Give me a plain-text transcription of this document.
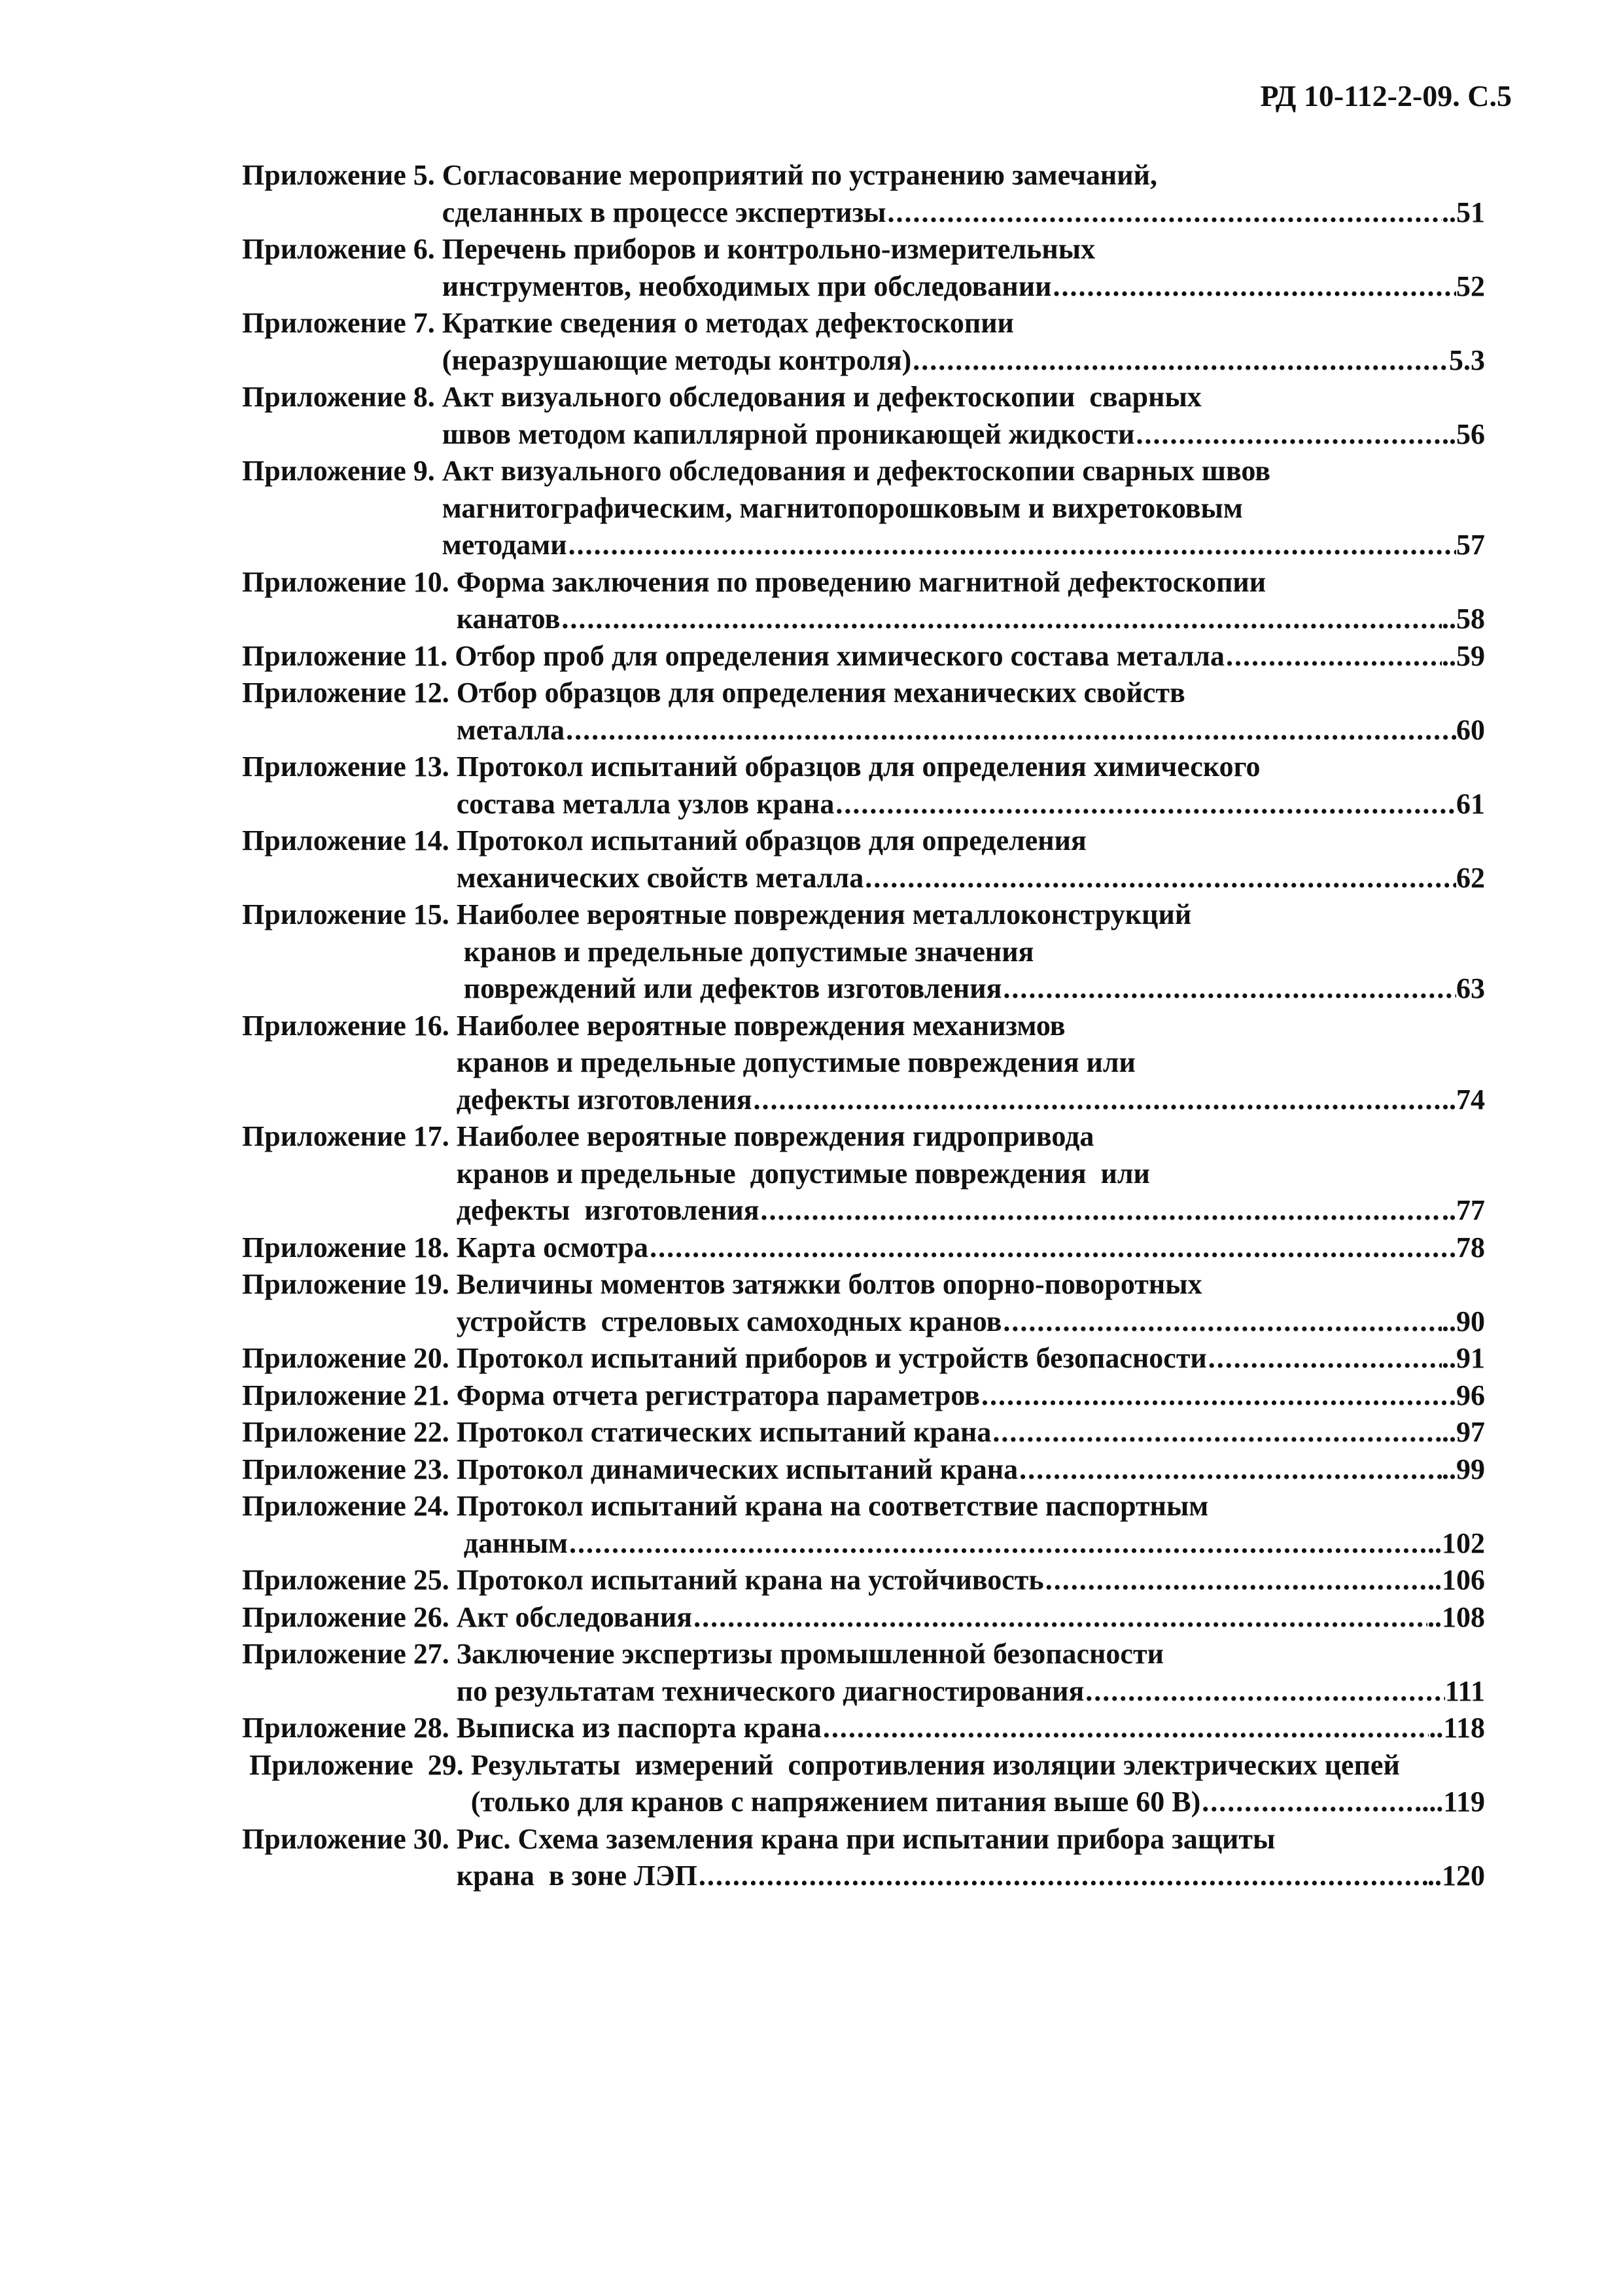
РД 10-112-2-09. С.5
Приложение 5. Согласование мероприятий по устранению замечаний,
сделанных в процессе экспертизы .....	..51
Приложение 6. Перечень приборов и контрольно-измерительных
инструментов, необходимых при обследовании .....	52
Приложение 7. Краткие сведения о методах дефектоскопии
(неразрушающие методы контроля) .....	5.3
Приложение 8. Акт визуального обследования и дефектоскопии  сварных
швов методом капиллярной проникающей жидкости .....	..56
Приложение 9. Акт визуального обследования и дефектоскопии сварных швов
магнитографическим, магнитопорошковым и вихретоковым
методами .....	57
Приложение 10. Форма заключения по проведению магнитной дефектоскопии
канатов .....	..58
Приложение 11. Отбор проб для определения химического состава металла .....	..59
Приложение 12. Отбор образцов для определения механических свойств
металла .....	60
Приложение 13. Протокол испытаний образцов для определения химического
состава металла узлов крана .....	61
Приложение 14. Протокол испытаний образцов для определения
механических свойств металла .....	62
Приложение 15. Наиболее вероятные повреждения металлоконструкций
кранов и предельные допустимые значения
повреждений или дефектов изготовления .....	63
Приложение 16. Наиболее вероятные повреждения механизмов
кранов и предельные допустимые повреждения или
дефекты изготовления .....	..74
Приложение 17. Наиболее вероятные повреждения гидропривода
кранов и предельные  допустимые повреждения  или
дефекты  изготовления .....	..77
Приложение 18. Карта осмотра .....	78
Приложение 19. Величины моментов затяжки болтов опорно-поворотных
устройств  стреловых самоходных кранов .....	..90
Приложение 20. Протокол испытаний приборов и устройств безопасности .....	..91
Приложение 21. Форма отчета регистратора параметров .....	96
Приложение 22. Протокол статических испытаний крана .....	..97
Приложение 23. Протокол динамических испытаний крана .....	..99
Приложение 24. Протокол испытаний крана на соответствие паспортным
данным .....	..102
Приложение 25. Протокол испытаний крана на устойчивость .....	..106
Приложение 26. Акт обследования .....	..108
Приложение 27. Заключение экспертизы промышленной безопасности
по результатам технического диагностирования .....	111
Приложение 28. Выписка из паспорта крана .....	..118
Приложение  29. Результаты  измерений  сопротивления изоляции электрических цепей
(только для кранов с напряжением питания выше 60 В) .....	...119
Приложение 30. Рис. Схема заземления крана при испытании прибора защиты
крана  в зоне ЛЭП .....	..120
